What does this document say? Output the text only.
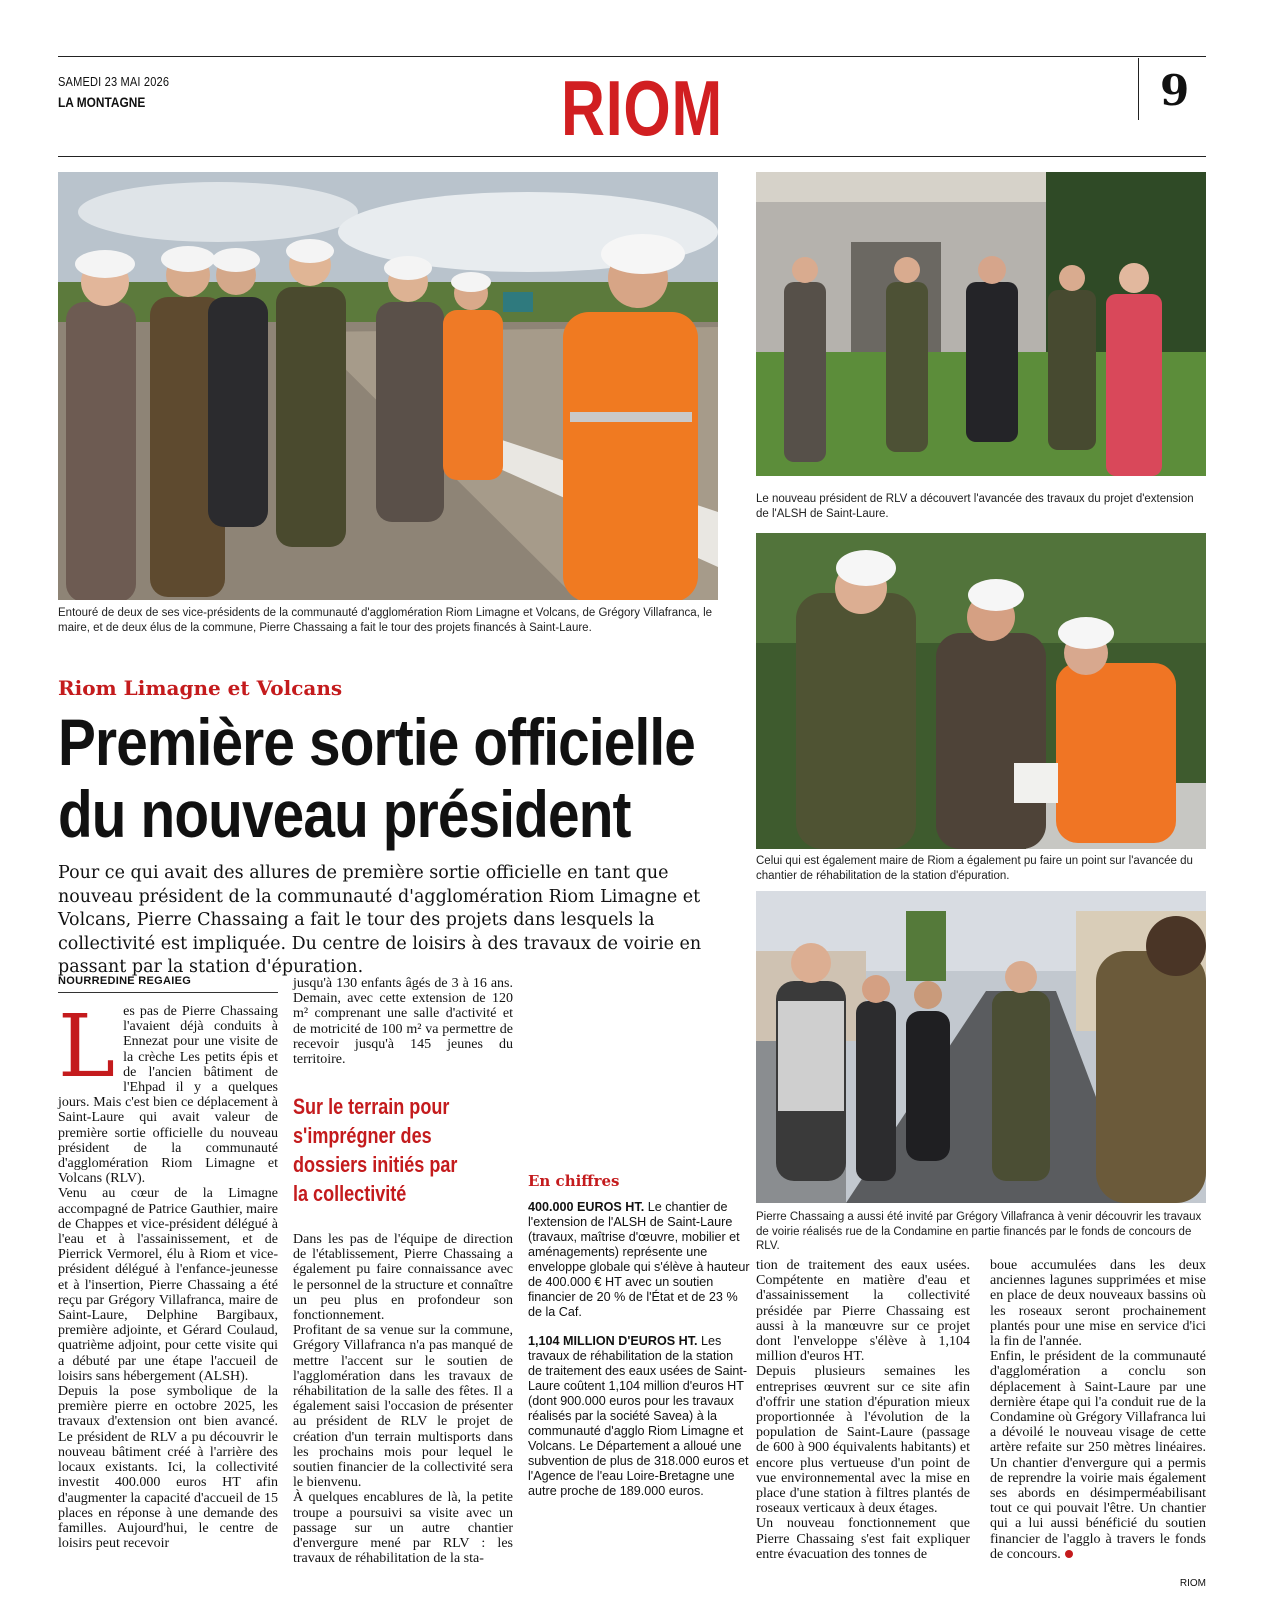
SAMEDI 23 MAI 2026
LA MONTAGNE	RIOM	9
Entouré de deux de ses vice-présidents de la communauté d'agglomération Riom Limagne et Volcans, de Grégory Villafranca, le maire, et de deux élus de la commune, Pierre Chassaing a fait le tour des projets financés à Saint-Laure.
Le nouveau président de RLV a découvert l'avancée des travaux du projet d'extension de l'ALSH de Saint-Laure.
Celui qui est également maire de Riom a également pu faire un point sur l'avancée du chantier de réhabilitation de la station d'épuration.
Pierre Chassaing a aussi été invité par Grégory Villafranca à venir découvrir les travaux de voirie réalisés rue de la Condamine en partie financés par le fonds de concours de RLV.
Riom Limagne et Volcans
Première sortie officielle
du nouveau président
Pour ce qui avait des allures de première sortie officielle en tant que nouveau président de la communauté d'agglomération Riom Limagne et Volcans, Pierre Chassaing a fait le tour des projets dans lesquels la collectivité est impliquée. Du centre de loisirs à des travaux de voirie en passant par la station d'épuration.
NOURREDINE REGAIEG
L es pas de Pierre Chassaing l'avaient déjà conduits à Ennezat pour une visite de la crèche Les petits épis et de l'ancien bâtiment de l'Ehpad il y a quelques jours. Mais c'est bien ce déplacement à Saint-Laure qui avait valeur de première sortie officielle du nouveau président de la communauté d'agglomération Riom Limagne et Volcans (RLV).

Venu au cœur de la Limagne accompagné de Patrice Gauthier, maire de Chappes et vice-président délégué à l'eau et à l'assainissement, et de Pierrick Vermorel, élu à Riom et vice-président délégué à l'enfance-jeunesse et à l'insertion, Pierre Chassaing a été reçu par Grégory Villafranca, maire de Saint-Laure, Delphine Bargibaux, première adjointe, et Gérard Coulaud, quatrième adjoint, pour cette visite qui a débuté par une étape l'accueil de loisirs sans hébergement (ALSH).

Depuis la pose symbolique de la première pierre en octobre 2025, les travaux d'extension ont bien avancé. Le président de RLV a pu découvrir le nouveau bâtiment créé à l'arrière des locaux existants. Ici, la collectivité investit 400.000 euros HT afin d'augmenter la capacité d'accueil de 15 places en réponse à une demande des familles. Aujourd'hui, le centre de loisirs peut recevoir

jusqu'à 130 enfants âgés de 3 à 16 ans. Demain, avec cette extension de 120 m² comprenant une salle d'activité et de motricité de 100 m² va permettre de recevoir jusqu'à 145 jeunes du territoire.

Sur le terrain pour s'imprégner des dossiers initiés par la collectivité

Dans les pas de l'équipe de direction de l'établissement, Pierre Chassaing a également pu faire connaissance avec le personnel de la structure et connaître un peu plus en profondeur son fonctionnement.

Profitant de sa venue sur la commune, Grégory Villafranca n'a pas manqué de mettre l'accent sur le soutien de l'agglomération dans les travaux de réhabilitation de la salle des fêtes. Il a également saisi l'occasion de présenter au président de RLV le projet de création d'un terrain multisports dans les prochains mois pour lequel le soutien financier de la collectivité sera le bienvenu.

À quelques encablures de là, la petite troupe a poursuivi sa visite avec un passage sur un autre chantier d'envergure mené par RLV : les travaux de réhabilitation de la sta-

En chiffres

400.000 EUROS HT. Le chantier de l'extension de l'ALSH de Saint-Laure (travaux, maîtrise d'œuvre, mobilier et aménagements) représente une enveloppe globale qui s'élève à hauteur de 400.000 € HT avec un soutien financier de 20 % de l'État et de 23 % de la Caf.

1,104 MILLION D'EUROS HT. Les travaux de réhabilitation de la station de traitement des eaux usées de Saint-Laure coûtent 1,104 million d'euros HT (dont 900.000 euros pour les travaux réalisés par la société Savea) à la communauté d'agglo Riom Limagne et Volcans. Le Département a alloué une subvention de plus de 318.000 euros et l'Agence de l'eau Loire-Bretagne une autre proche de 189.000 euros.

tion de traitement des eaux usées. Compétente en matière d'eau et d'assainissement la collectivité présidée par Pierre Chassaing est aussi à la manœuvre sur ce projet dont l'enveloppe s'élève à 1,104 million d'euros HT.

Depuis plusieurs semaines les entreprises œuvrent sur ce site afin d'offrir une station d'épuration mieux proportionnée à l'évolution de la population de Saint-Laure (passage de 600 à 900 équivalents habitants) et encore plus vertueuse d'un point de vue environnemental avec la mise en place d'une station à filtres plantés de roseaux verticaux à deux étages.

Un nouveau fonctionnement que Pierre Chassaing s'est fait expliquer entre évacuation des tonnes de

boue accumulées dans les deux anciennes lagunes supprimées et mise en place de deux nouveaux bassins où les roseaux seront prochainement plantés pour une mise en service d'ici la fin de l'année.

Enfin, le président de la communauté d'agglomération a conclu son déplacement à Saint-Laure par une dernière étape qui l'a conduit rue de la Condamine où Grégory Villafranca lui a dévoilé le nouveau visage de cette artère refaite sur 250 mètres linéaires. Un chantier d'envergure qui a permis de reprendre la voirie mais également ses abords en désimperméabilisant tout ce qui pouvait l'être. Un chantier qui a lui aussi bénéficié du soutien financier de l'agglo à travers le fonds de concours.

RIOM
